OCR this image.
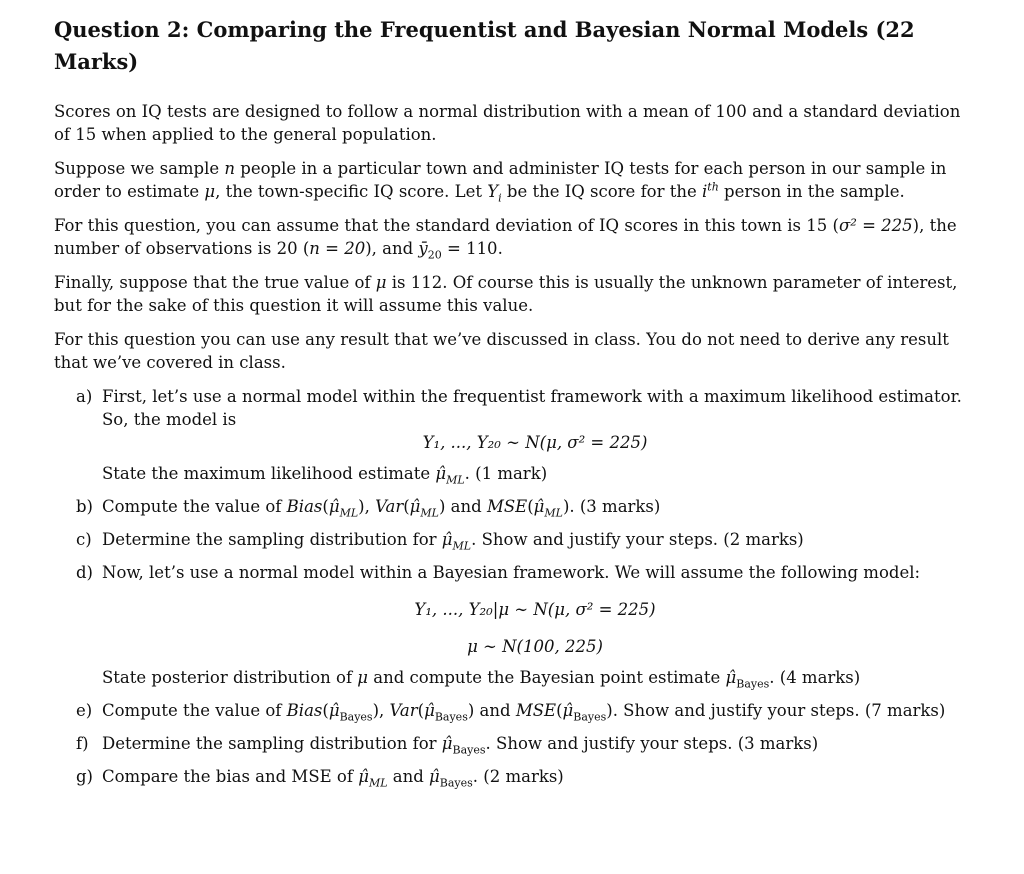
Question 2: Comparing the Frequentist and Bayesian Normal Models (22 Marks)

Scores on IQ tests are designed to follow a normal distribution with a mean of 100 and a standard deviation of 15 when applied to the general population.

Suppose we sample n people in a particular town and administer IQ tests for each person in our sample in order to estimate μ, the town-specific IQ score. Let $Y_i$ be the IQ score for the $i^{th}$ person in the sample.

For this question, you can assume that the standard deviation of IQ scores in this town is 15 (σ² = 225), the number of observations is 20 (n = 20), and $ȳ_{20} = 110$.

Finally, suppose that the true value of μ is 112. Of course this is usually the unknown parameter of interest, but for the sake of this question it will assume this value.

For this question you can use any result that we’ve discussed in class. You do not need to derive any result that we’ve covered in class.

a) First, let’s use a normal model within the frequentist framework with a maximum likelihood estimator. So, the model is
Y₁, ..., Y₂₀ ∼ N(μ, σ² = 225)
State the maximum likelihood estimate $\mû_{ML}$. (1 mark)
b) Compute the value of $Bias(\mû_{ML})$, $Var(\mû_{ML})$ and $MSE(\mû_{ML})$. (3 marks)
c) Determine the sampling distribution for $\mû_{ML}$. Show and justify your steps. (2 marks)
d) Now, let’s use a normal model within a Bayesian framework. We will assume the following model:
Y₁, ..., Y₂₀|μ ∼ N(μ, σ² = 225)
μ ∼ N(100, 225)
State posterior distribution of μ and compute the Bayesian point estimate $\mû_{Bayes}$. (4 marks)
e) Compute the value of $Bias(\mû_{Bayes})$, $Var(\mû_{Bayes})$ and $MSE(\mû_{Bayes})$. Show and justify your steps. (7 marks)
f) Determine the sampling distribution for $\mû_{Bayes}$. Show and justify your steps. (3 marks)
g) Compare the bias and MSE of $\mû_{ML}$ and $\mû_{Bayes}$. (2 marks)
